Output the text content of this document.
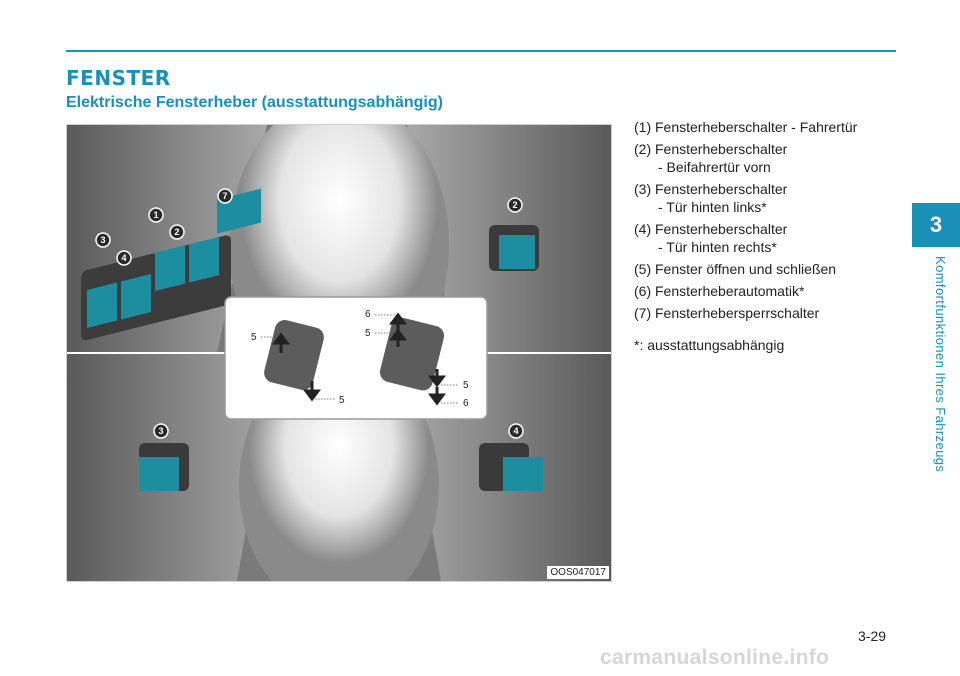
FENSTER
Elektrische Fensterheber (ausstattungsabhängig)
1
2
3
4
7
2
3	4
5
5
6
5
5
6
OOS047017
(1) Fensterheberschalter - Fahrertür
(2) Fensterheberschalter
- Beifahrertür vorn
(3) Fensterheberschalter
- Tür hinten links*
(4) Fensterheberschalter
- Tür hinten rechts*
(5) Fenster öffnen und schließen
(6) Fensterheberautomatik*
(7) Fensterhebersperrschalter
*: ausstattungsabhängig
3
Komfortfunktionen Ihres Fahrzeugs
3-29
carmanualsonline.info
